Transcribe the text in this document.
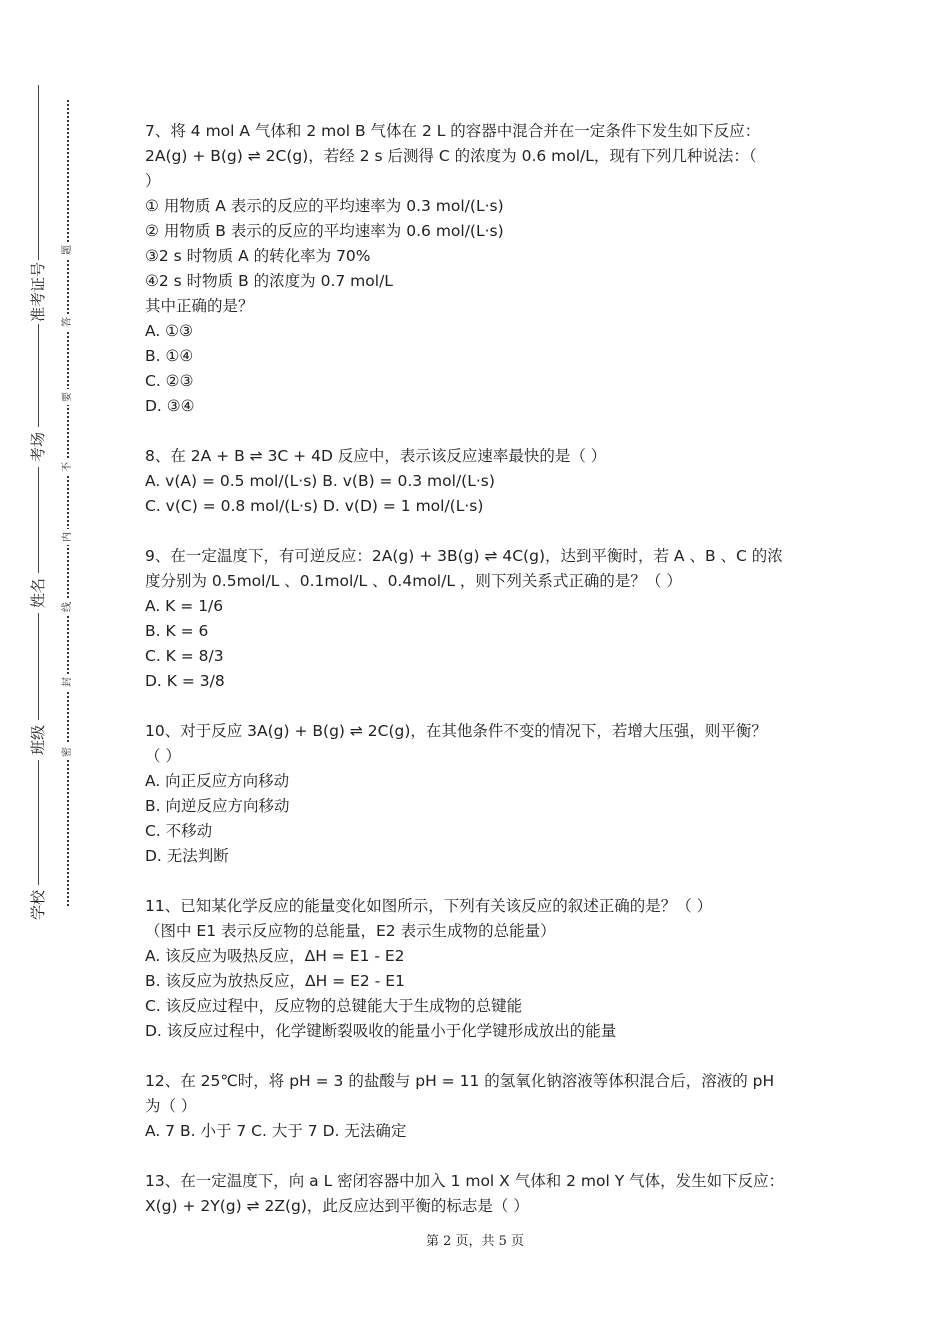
学校
班级
姓名
考场
准考证号
密
封
线
内
不
要
答
题
7、将 4 mol A 气体和 2 mol B 气体在 2 L 的容器中混合并在一定条件下发生如下反应：
2A(g) + B(g) ⇌ 2C(g)，若经 2 s 后测得 C 的浓度为 0.6 mol/L，现有下列几种说法：（
）
① 用物质 A 表示的反应的平均速率为 0.3 mol/(L·s)
② 用物质 B 表示的反应的平均速率为 0.6 mol/(L·s)
③2 s 时物质 A 的转化率为 70%
④2 s 时物质 B 的浓度为 0.7 mol/L
其中正确的是？
A. ①③
B. ①④
C. ②③
D. ③④
8、在 2A + B ⇌ 3C + 4D 反应中，表示该反应速率最快的是（ ）
A. v(A) = 0.5 mol/(L·s) B. v(B) = 0.3 mol/(L·s)
C. v(C) = 0.8 mol/(L·s) D. v(D) = 1 mol/(L·s)
9、在一定温度下，有可逆反应：2A(g) + 3B(g) ⇌ 4C(g)，达到平衡时，若 A 、B 、C 的浓
度分别为 0.5mol/L 、0.1mol/L 、0.4mol/L ，则下列关系式正确的是？（ ）
A. K = 1/6
B. K = 6
C. K = 8/3
D. K = 3/8
10、对于反应 3A(g) + B(g) ⇌ 2C(g)，在其他条件不变的情况下，若增大压强，则平衡？
（ ）
A. 向正反应方向移动
B. 向逆反应方向移动
C. 不移动
D. 无法判断
11、已知某化学反应的能量变化如图所示，下列有关该反应的叙述正确的是？（ ）
（图中 E1 表示反应物的总能量，E2 表示生成物的总能量）
A. 该反应为吸热反应，ΔH = E1 - E2
B. 该反应为放热反应，ΔH = E2 - E1
C. 该反应过程中，反应物的总键能大于生成物的总键能
D. 该反应过程中，化学键断裂吸收的能量小于化学键形成放出的能量
12、在 25℃时，将 pH = 3 的盐酸与 pH = 11 的氢氧化钠溶液等体积混合后，溶液的 pH
为（ ）
A. 7 B. 小于 7 C. 大于 7 D. 无法确定
13、在一定温度下，向 a L 密闭容器中加入 1 mol X 气体和 2 mol Y 气体，发生如下反应：
X(g) + 2Y(g) ⇌ 2Z(g)，此反应达到平衡的标志是（ ）
第 2 页，共 5 页
